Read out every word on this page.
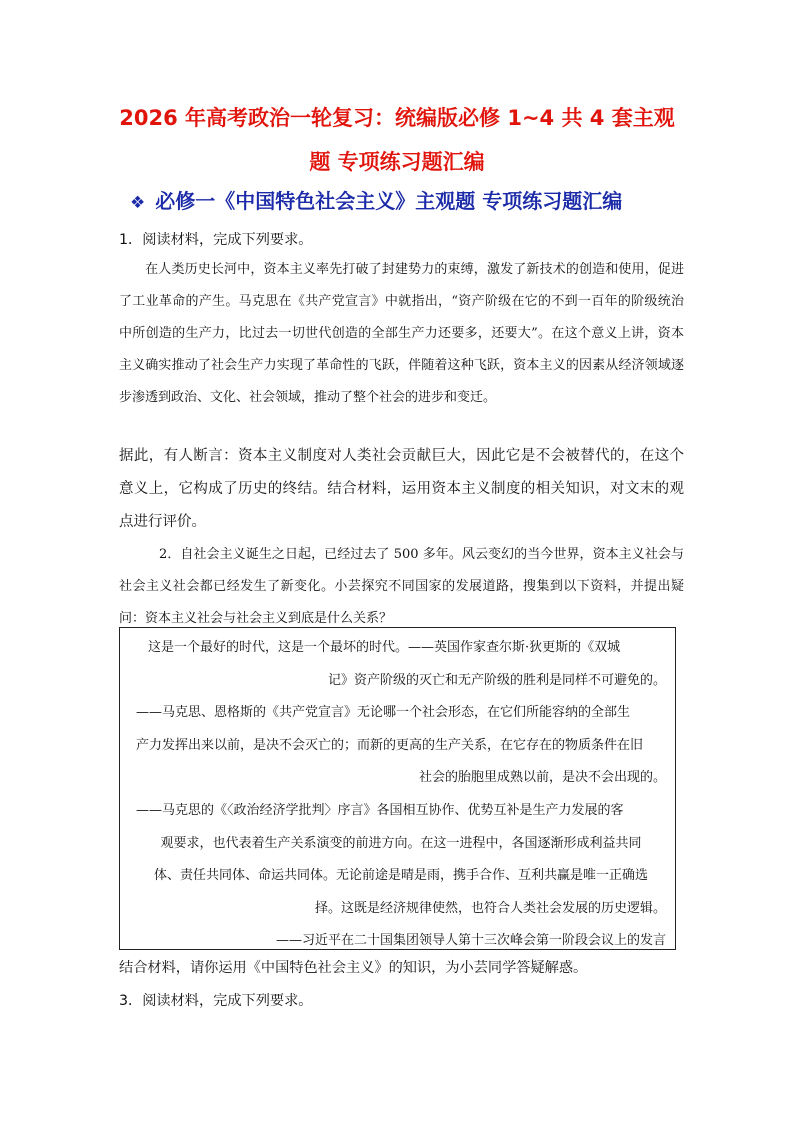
2026 年高考政治一轮复习：统编版必修 1~4 共 4 套主观
题 专项练习题汇编
❖ 必修一《中国特色社会主义》主观题 专项练习题汇编
1．阅读材料，完成下列要求。
在人类历史长河中，资本主义率先打破了封建势力的束缚，激发了新技术的创造和使用，促进了工业革命的产生。马克思在《共产党宣言》中就指出，“资产阶级在它的不到一百年的阶级统治中所创造的生产力，比过去一切世代创造的全部生产力还要多，还要大”。在这个意义上讲，资本主义确实推动了社会生产力实现了革命性的飞跃，伴随着这种飞跃，资本主义的因素从经济领域逐步渗透到政治、文化、社会领域，推动了整个社会的进步和变迁。
据此，有人断言：资本主义制度对人类社会贡献巨大，因此它是不会被替代的，在这个意义上，它构成了历史的终结。结合材料，运用资本主义制度的相关知识，对文末的观点进行评价。
2．自社会主义诞生之日起，已经过去了 500 多年。风云变幻的当今世界，资本主义社会与社会主义社会都已经发生了新变化。小芸探究不同国家的发展道路，搜集到以下资料，并提出疑问：资本主义社会与社会主义到底是什么关系？
这是一个最好的时代，这是一个最坏的时代。——英国作家查尔斯·狄更斯的《双城
记》资产阶级的灭亡和无产阶级的胜利是同样不可避免的。
——马克思、恩格斯的《共产党宣言》无论哪一个社会形态，在它们所能容纳的全部生
产力发挥出来以前，是决不会灭亡的；而新的更高的生产关系，在它存在的物质条件在旧
社会的胎胞里成熟以前，是决不会出现的。
——马克思的《〈政治经济学批判〉序言》各国相互协作、优势互补是生产力发展的客
观要求，也代表着生产关系演变的前进方向。在这一进程中，各国逐渐形成利益共同
体、责任共同体、命运共同体。无论前途是晴是雨，携手合作、互利共赢是唯一正确选
择。这既是经济规律使然，也符合人类社会发展的历史逻辑。
——习近平在二十国集团领导人第十三次峰会第一阶段会议上的发言
结合材料，请你运用《中国特色社会主义》的知识，为小芸同学答疑解惑。
3．阅读材料，完成下列要求。
